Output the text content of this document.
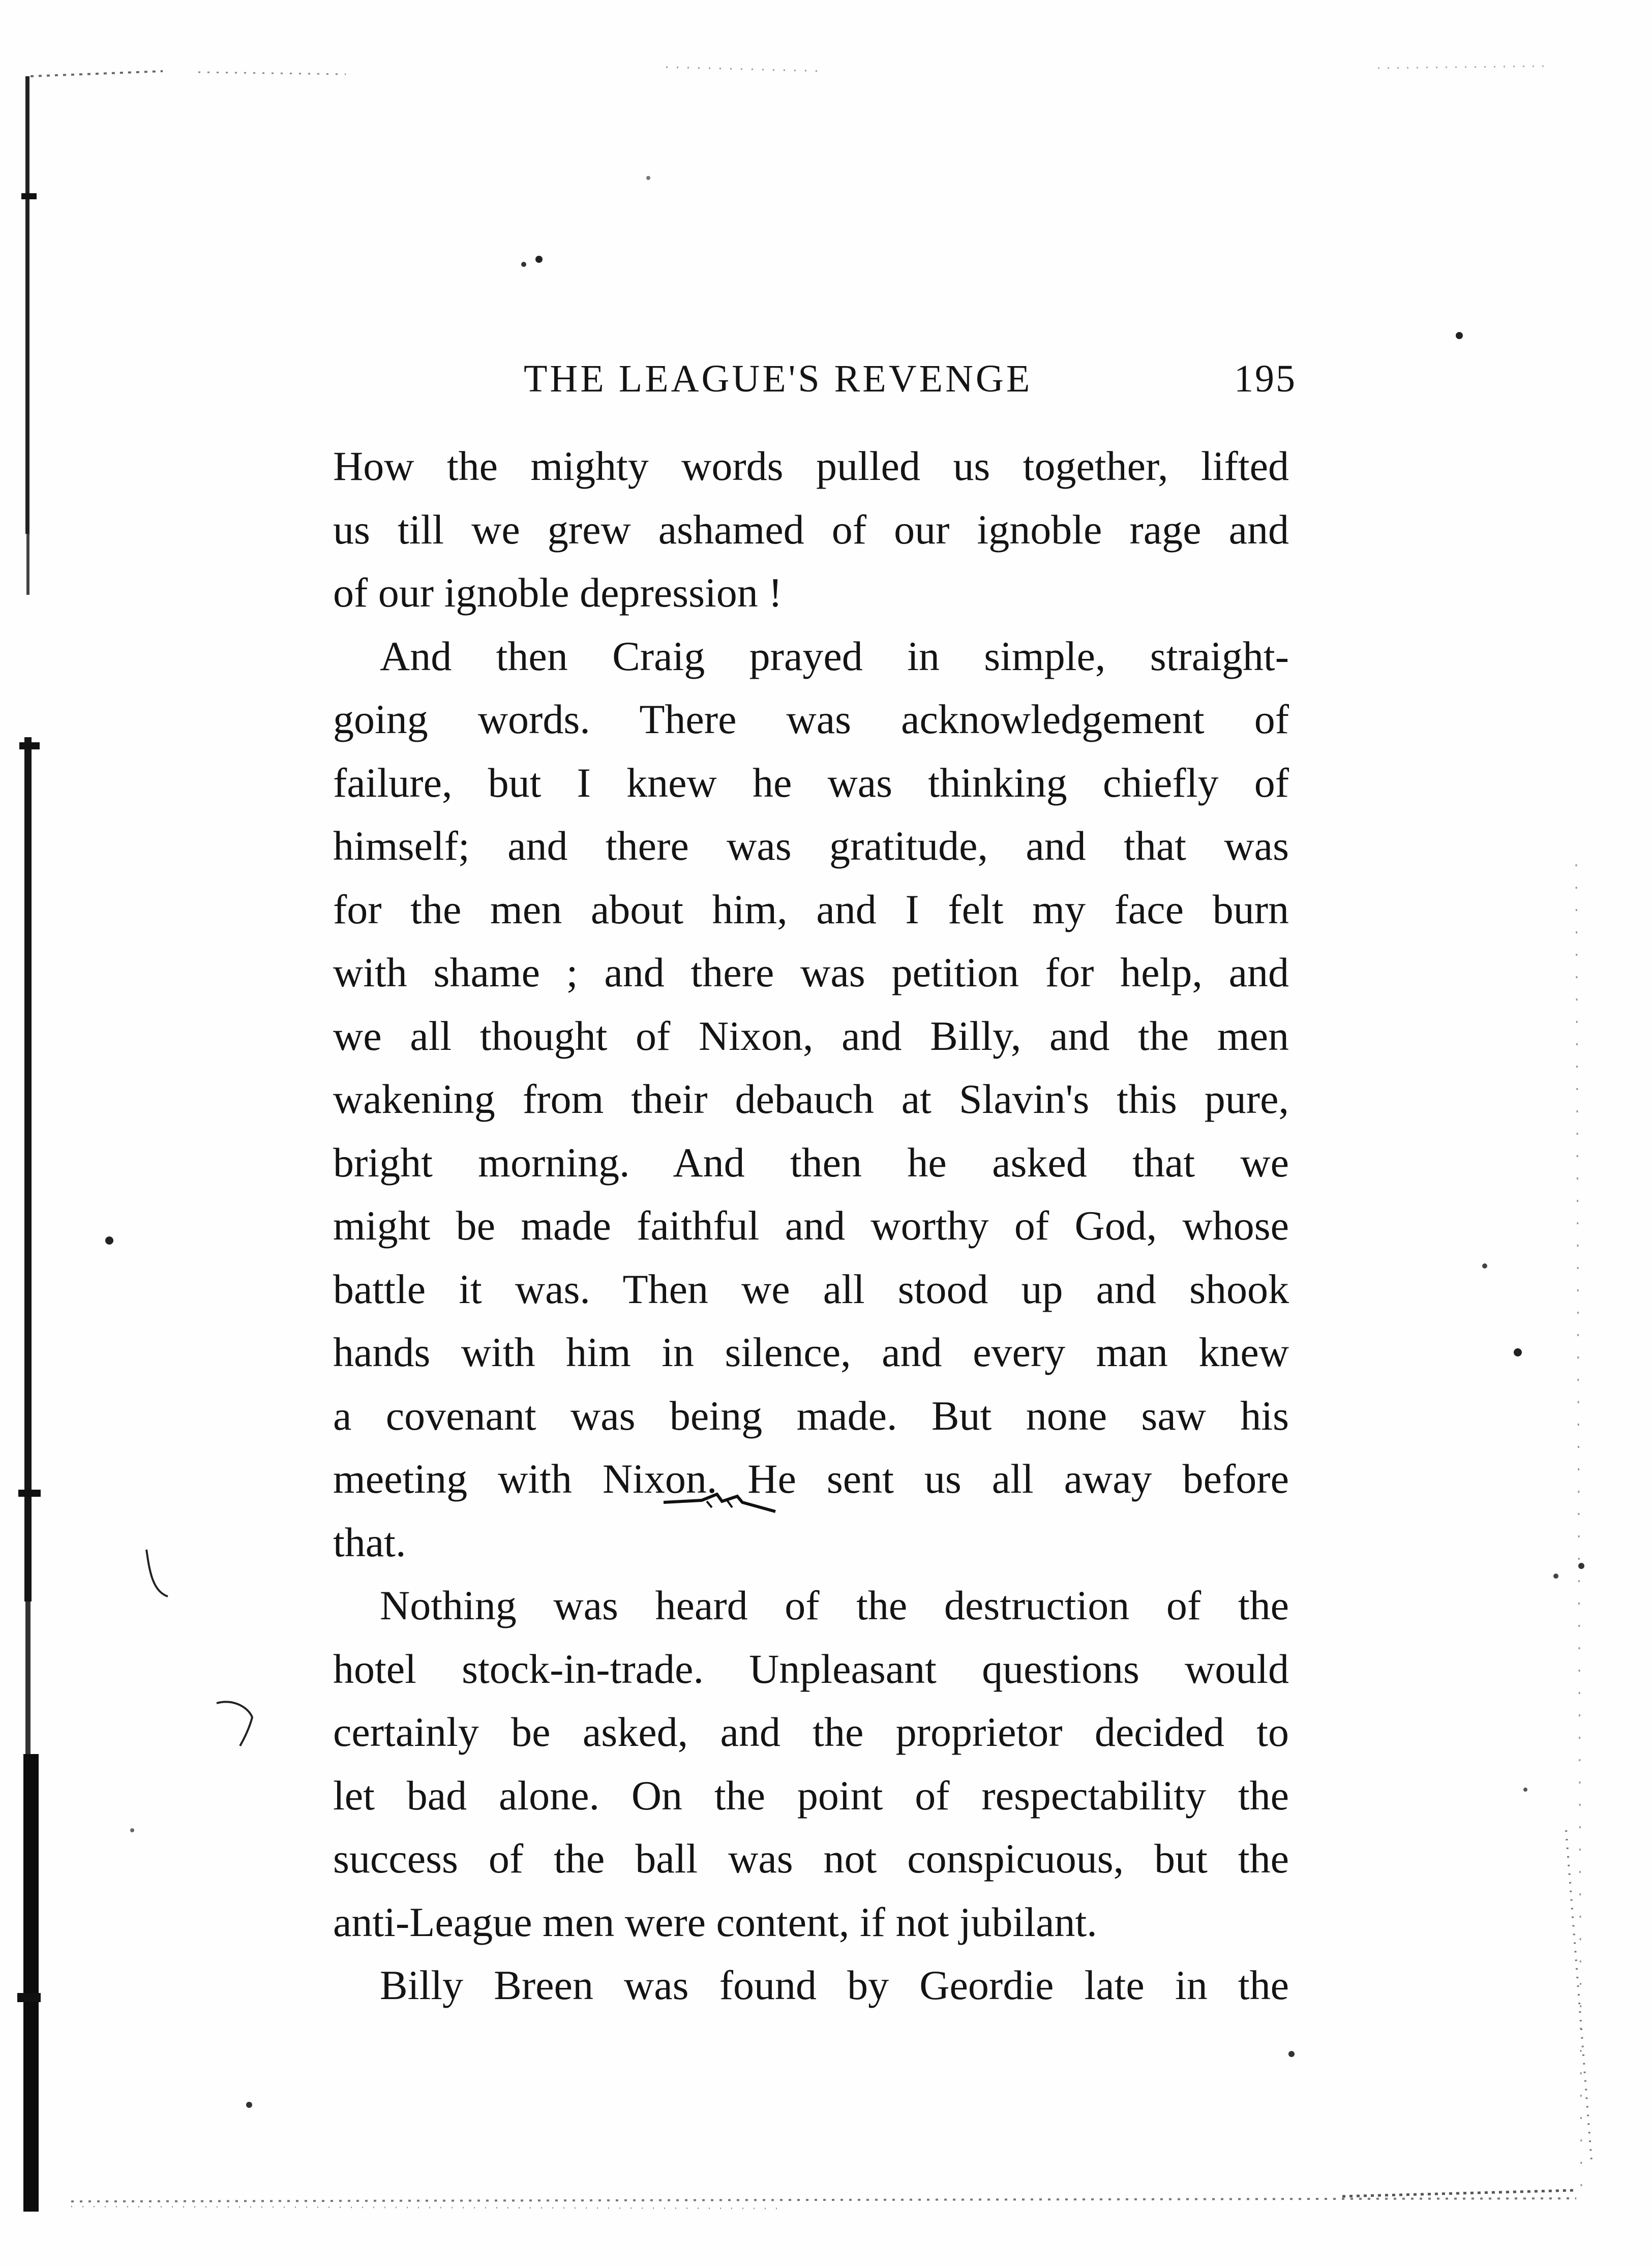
THE LEAGUE'S REVENGE	195

How the mighty words pulled us together, lifted
us till we grew ashamed of our ignoble rage and
of our ignoble depression !

And then Craig prayed in simple, straight-
going words. There was acknowledgement of
failure, but I knew he was thinking chiefly of
himself; and there was gratitude, and that was
for the men about him, and I felt my face burn
with shame ; and there was petition for help, and
we all thought of Nixon, and Billy, and the men
wakening from their debauch at Slavin's this pure,
bright morning. And then he asked that we
might be made faithful and worthy of God, whose
battle it was. Then we all stood up and shook
hands with him in silence, and every man knew
a covenant was being made. But none saw his
meeting with Nixon. He sent us all away before
that.

Nothing was heard of the destruction of the
hotel stock-in-trade. Unpleasant questions would
certainly be asked, and the proprietor decided to
let bad alone. On the point of respectability the
success of the ball was not conspicuous, but the
anti-League men were content, if not jubilant.

Billy Breen was found by Geordie late in the
